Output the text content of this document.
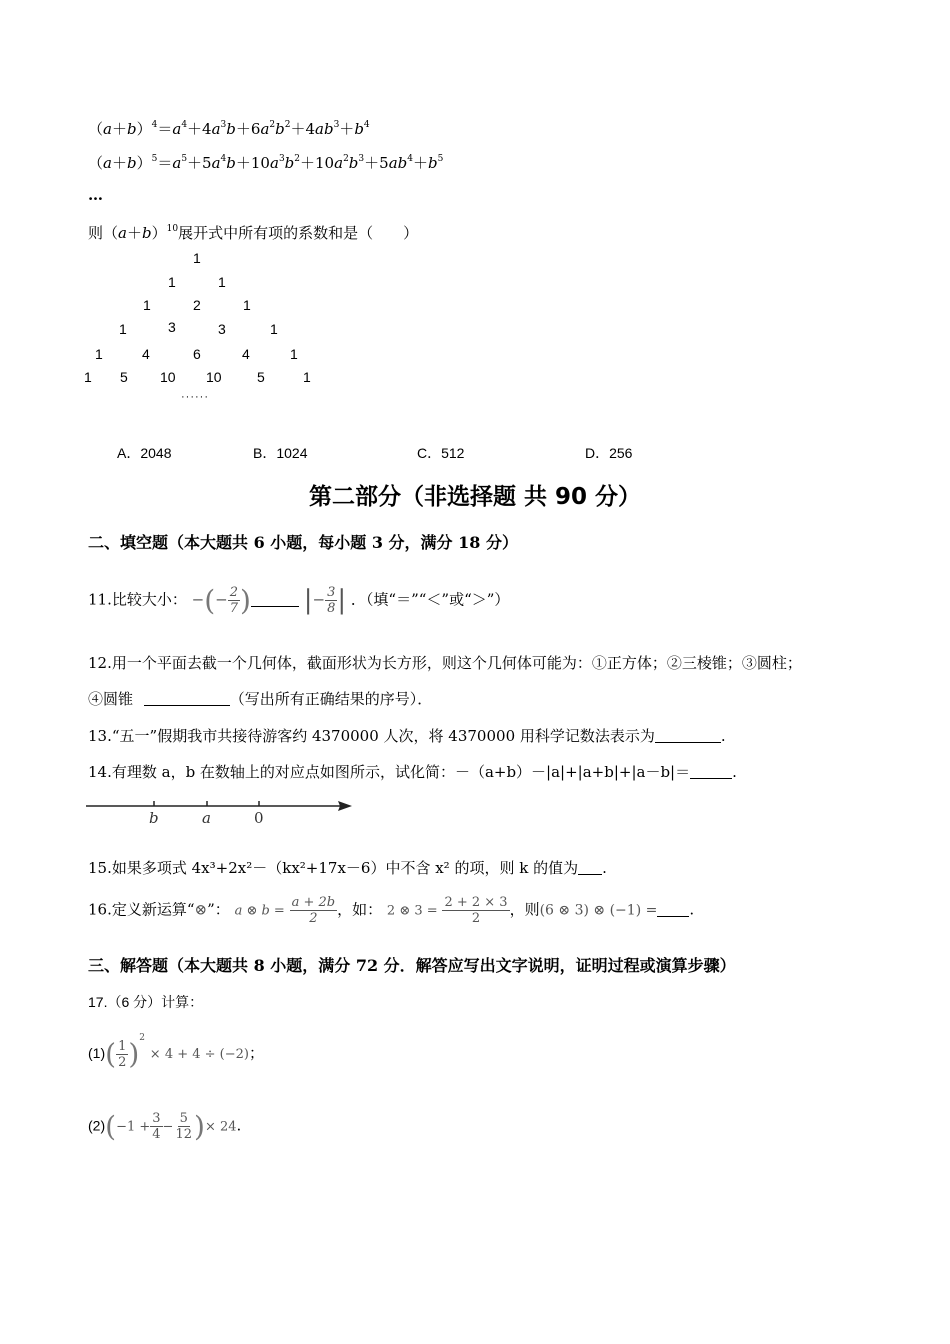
$(a+b)^4=a^4+4a^3b+6a^2b^2+4ab^3+b^4$
$(a+b)^5=a^5+5a^4b+10a^3b^2+10a^2b^3+5ab^4+b^5$
…
则$(a+b)^{10}$展开式中所有项的系数和是（　　）
1
1	1
1	2	1
1	3	3	1
1	4	6	4	1
1 5 10 10	5	1
······
A．2048	B．1024	C．512	D．256
第二部分（非选择题 共 90 分）
二、填空题（本大题共 6 小题，每小题 3 分，满分 18 分）
11.比较大小： −(− $\frac{2}{7}$ ) |− $\frac{3}{8}$ | ．（填“＝”“＜”或“＞”）
12.用一个平面去截一个几何体，截面形状为长方形，则这个几何体可能为：①正方体；②三棱锥；③圆柱；
④圆锥	（写出所有正确结果的序号）．
13.“五一”假期我市共接待游客约 4370000 人次，将 4370000 用科学记数法表示为	.
14.有理数 a，b 在数轴上的对应点如图所示，试化简：－（a+b）－|a|+|a+b|+|a－b|＝	.
b	a	0
15.如果多项式 4x³+2x²－（kx²+17x－6）中不含 x² 的项，则 k 的值为 .
16.定义新运算“⊗”： a ⊗ $b = \frac{a + 2b}{2}$ ，如： 2 ⊗ $3 = \frac{2 + 2 \times 3}{2}$ ，则(6 ⊗ 3) ⊗ (−1) = .
三、解答题（本大题共 8 小题，满分 72 分．解答应写出文字说明，证明过程或演算步骤）
17.（6 分）计算：
$(1)( \frac{1}{2} )^2 \times 4 + 4 \div (-2)$；
$(2)(-1 + \frac{3}{4} - \frac{5}{12}$ )× 24.
